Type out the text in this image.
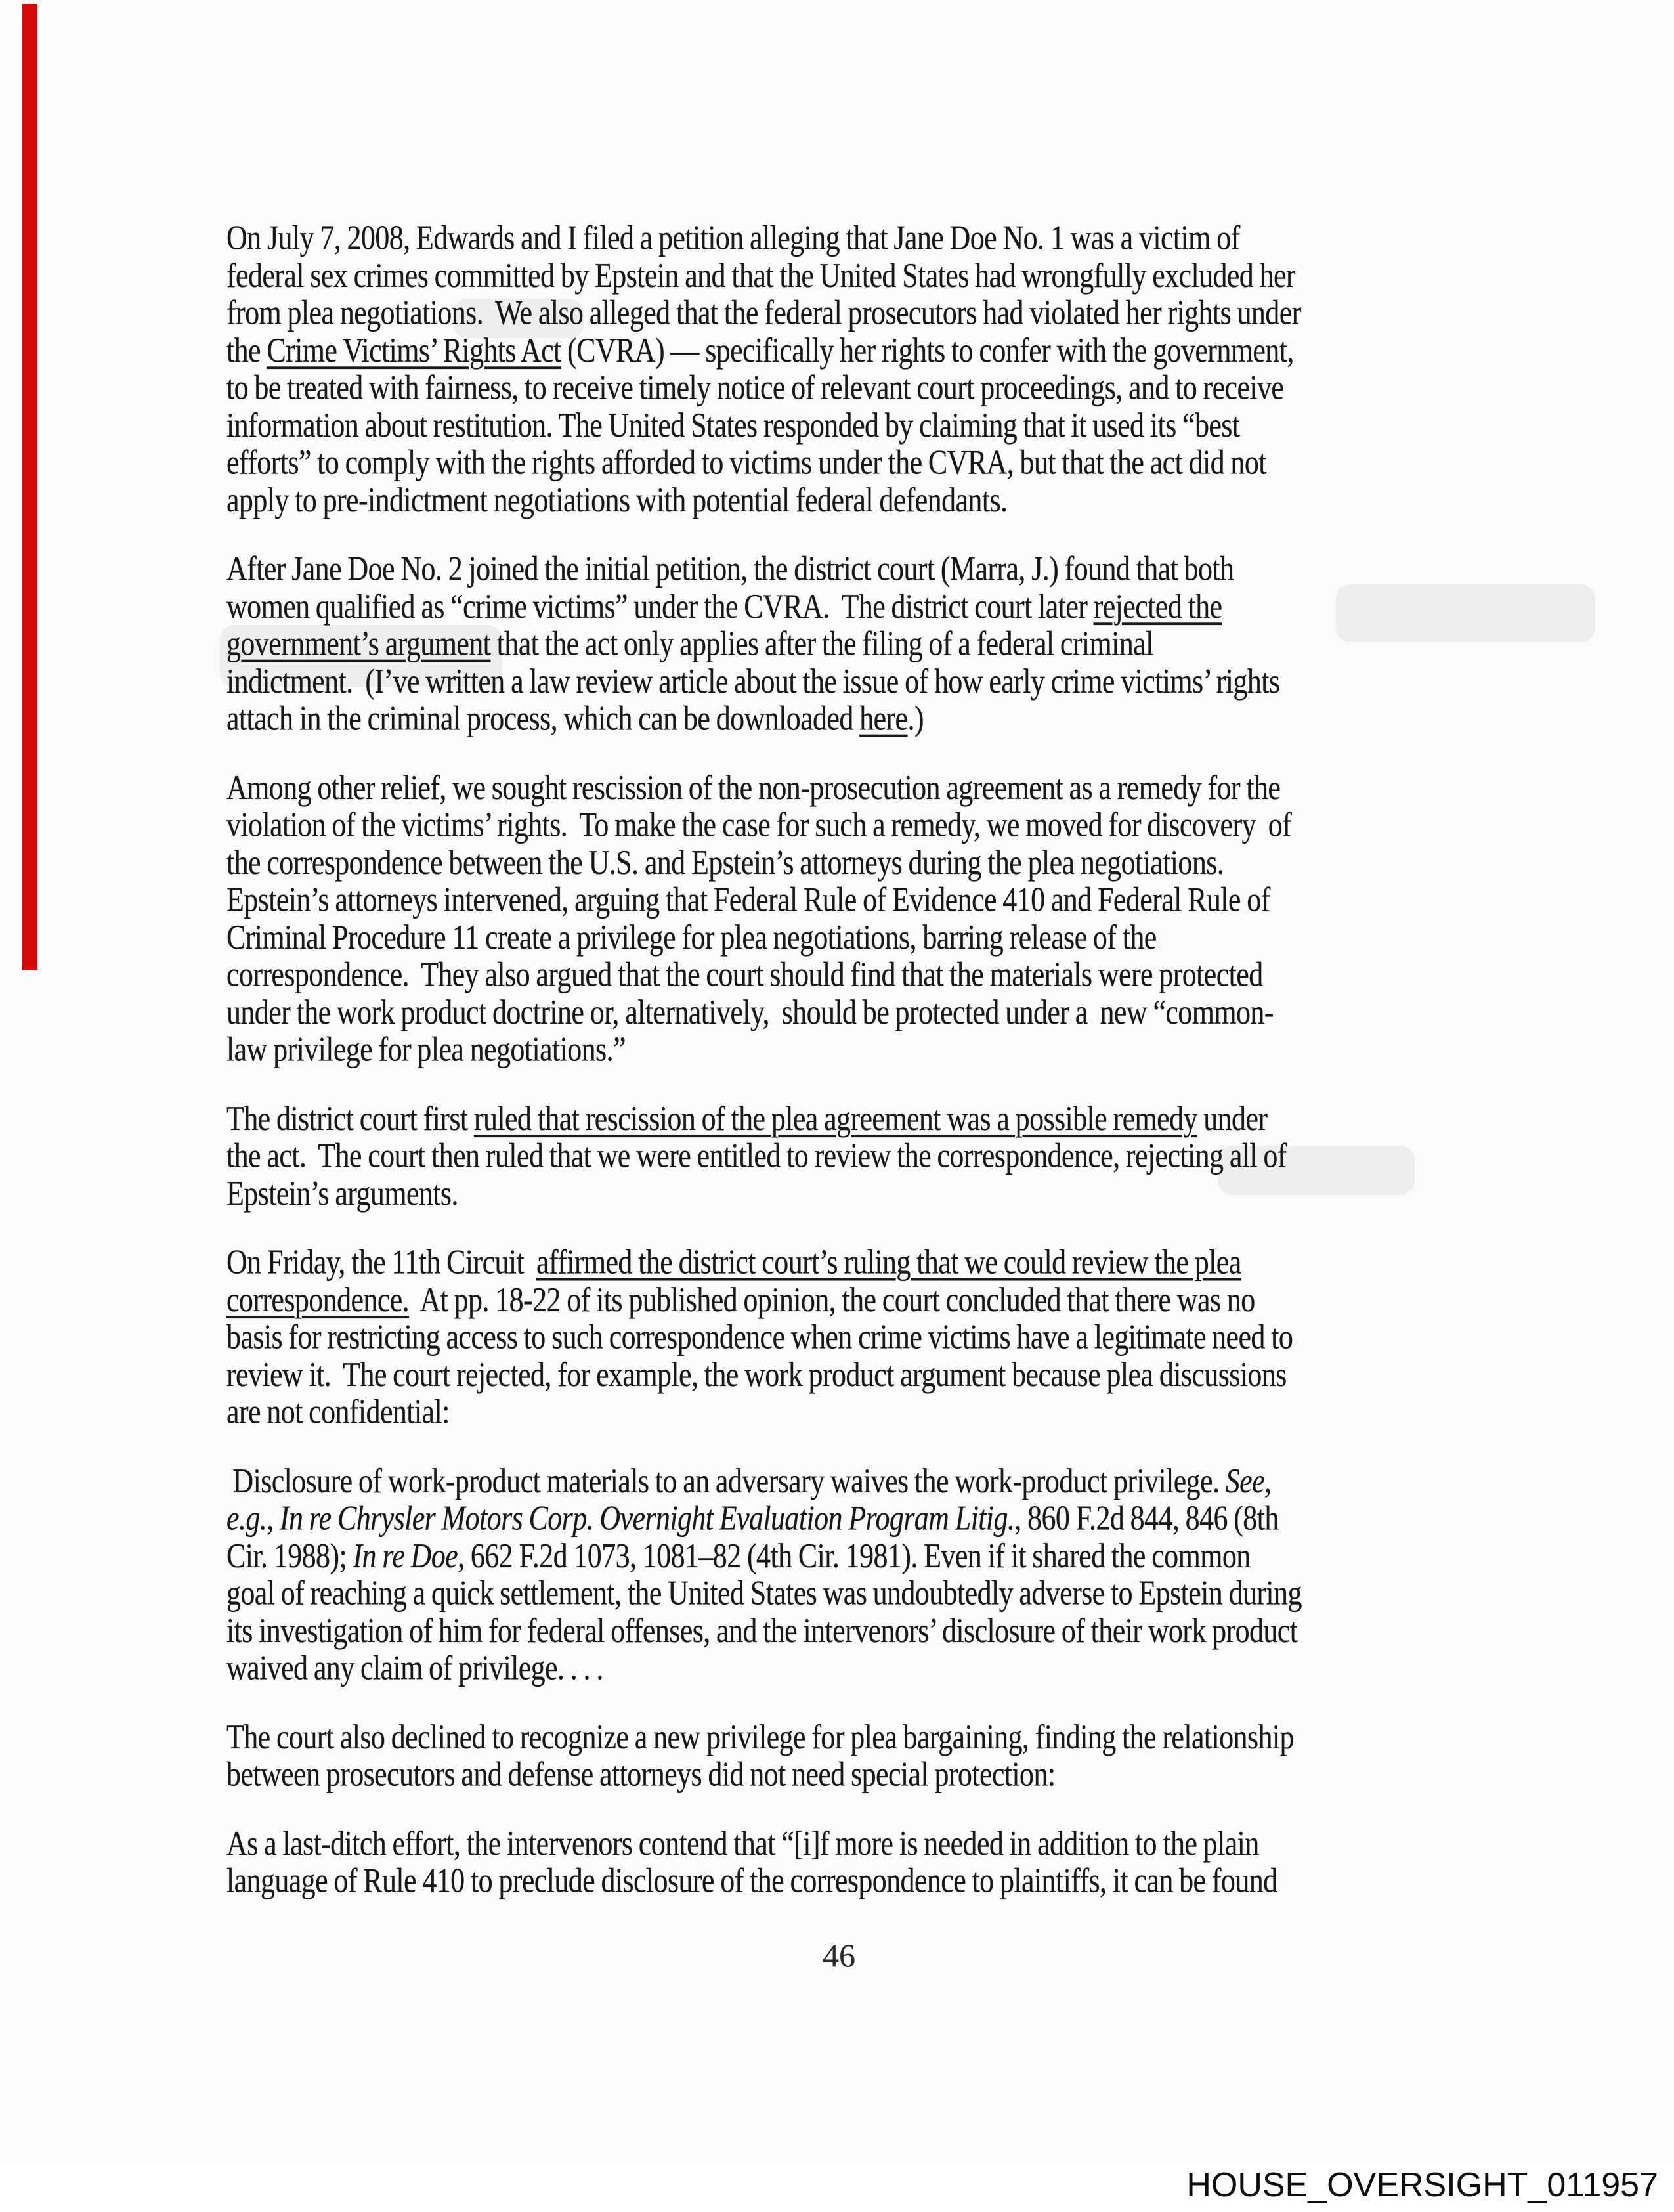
On July 7, 2008, Edwards and I filed a petition alleging that Jane Doe No. 1 was a victim of
federal sex crimes committed by Epstein and that the United States had wrongfully excluded her
from plea negotiations.  We also alleged that the federal prosecutors had violated her rights under
the Crime Victims’ Rights Act (CVRA) — specifically her rights to confer with the government,
to be treated with fairness, to receive timely notice of relevant court proceedings, and to receive
information about restitution. The United States responded by claiming that it used its “best
efforts” to comply with the rights afforded to victims under the CVRA, but that the act did not
apply to pre-indictment negotiations with potential federal defendants.
After Jane Doe No. 2 joined the initial petition, the district court (Marra, J.) found that both
women qualified as “crime victims” under the CVRA.  The district court later rejected the
government’s argument that the act only applies after the filing of a federal criminal
indictment.  (I’ve written a law review article about the issue of how early crime victims’ rights
attach in the criminal process, which can be downloaded here.)
Among other relief, we sought rescission of the non-prosecution agreement as a remedy for the
violation of the victims’ rights.  To make the case for such a remedy, we moved for discovery  of
the correspondence between the U.S. and Epstein’s attorneys during the plea negotiations.
Epstein’s attorneys intervened, arguing that Federal Rule of Evidence 410 and Federal Rule of
Criminal Procedure 11 create a privilege for plea negotiations, barring release of the
correspondence.  They also argued that the court should find that the materials were protected
under the work product doctrine or, alternatively,  should be protected under a  new “common-
law privilege for plea negotiations.”
The district court first ruled that rescission of the plea agreement was a possible remedy under
the act.  The court then ruled that we were entitled to review the correspondence, rejecting all of
Epstein’s arguments.
On Friday, the 11th Circuit  affirmed the district court’s ruling that we could review the plea
correspondence.  At pp. 18-22 of its published opinion, the court concluded that there was no
basis for restricting access to such correspondence when crime victims have a legitimate need to
review it.  The court rejected, for example, the work product argument because plea discussions
are not confidential:
Disclosure of work-product materials to an adversary waives the work-product privilege. See,
e.g., In re Chrysler Motors Corp. Overnight Evaluation Program Litig., 860 F.2d 844, 846 (8th
Cir. 1988); In re Doe, 662 F.2d 1073, 1081–82 (4th Cir. 1981). Even if it shared the common
goal of reaching a quick settlement, the United States was undoubtedly adverse to Epstein during
its investigation of him for federal offenses, and the intervenors’ disclosure of their work product
waived any claim of privilege. . . .
The court also declined to recognize a new privilege for plea bargaining, finding the relationship
between prosecutors and defense attorneys did not need special protection:
As a last-ditch effort, the intervenors contend that “[i]f more is needed in addition to the plain
language of Rule 410 to preclude disclosure of the correspondence to plaintiffs, it can be found
46
HOUSE_OVERSIGHT_011957
